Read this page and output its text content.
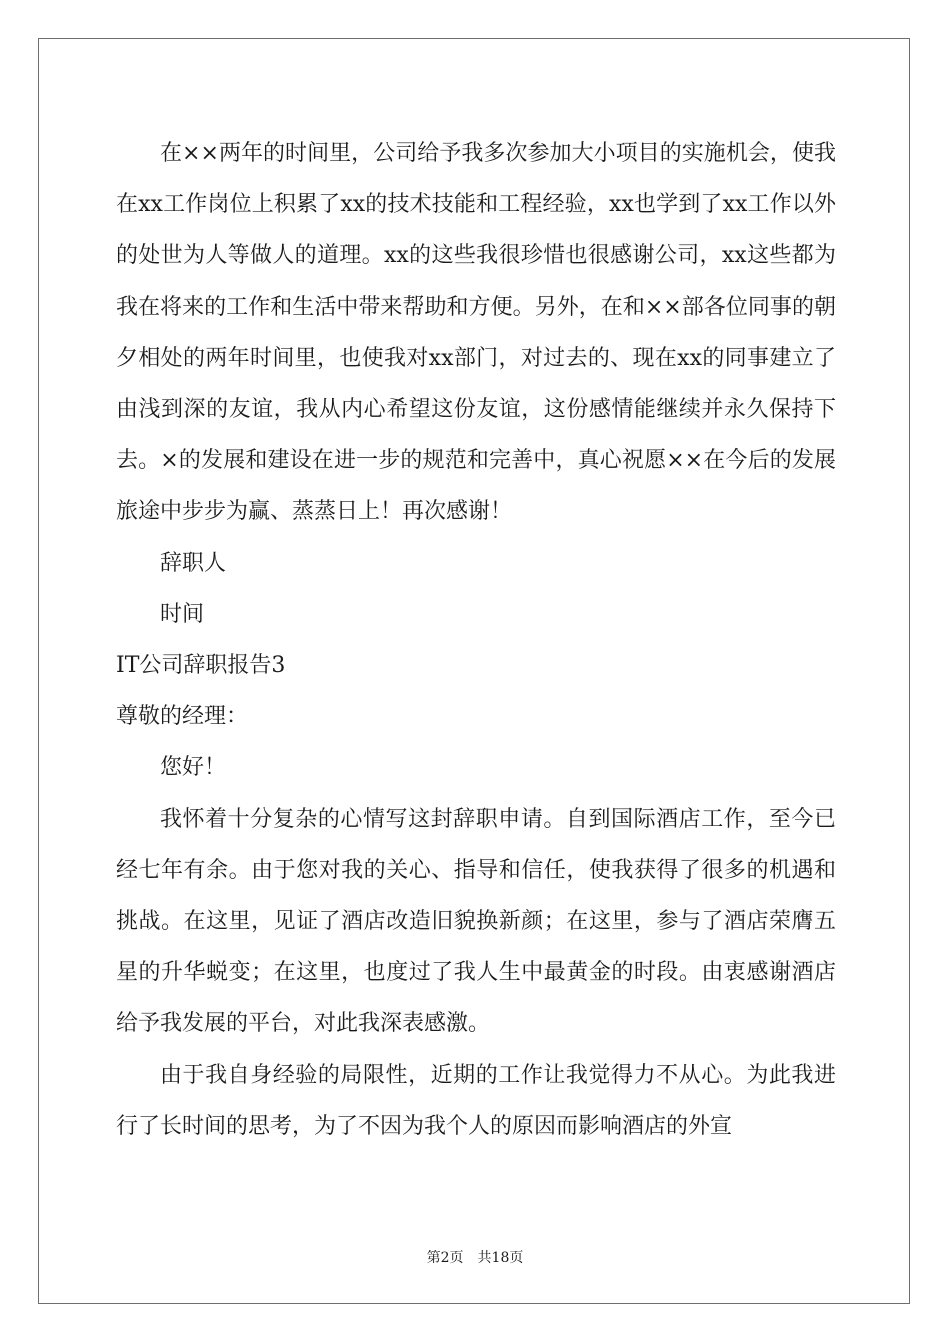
在××两年的时间里，公司给予我多次参加大小项目的实施机会，使我在xx工作岗位上积累了xx的技术技能和工程经验，xx也学到了xx工作以外的处世为人等做人的道理。xx的这些我很珍惜也很感谢公司，xx这些都为我在将来的工作和生活中带来帮助和方便。另外，在和××部各位同事的朝夕相处的两年时间里，也使我对xx部门，对过去的、现在xx的同事建立了由浅到深的友谊，我从内心希望这份友谊，这份感情能继续并永久保持下去。×的发展和建设在进一步的规范和完善中，真心祝愿××在今后的发展旅途中步步为赢、蒸蒸日上！再次感谢！

辞职人

时间

IT公司辞职报告3

尊敬的经理：

您好！

我怀着十分复杂的心情写这封辞职申请。自到国际酒店工作，至今已经七年有余。由于您对我的关心、指导和信任，使我获得了很多的机遇和挑战。在这里，见证了酒店改造旧貌换新颜；在这里，参与了酒店荣膺五星的升华蜕变；在这里，也度过了我人生中最黄金的时段。由衷感谢酒店给予我发展的平台，对此我深表感激。

由于我自身经验的局限性，近期的工作让我觉得力不从心。为此我进行了长时间的思考，为了不因为我个人的原因而影响酒店的外宣

第2页　共18页
